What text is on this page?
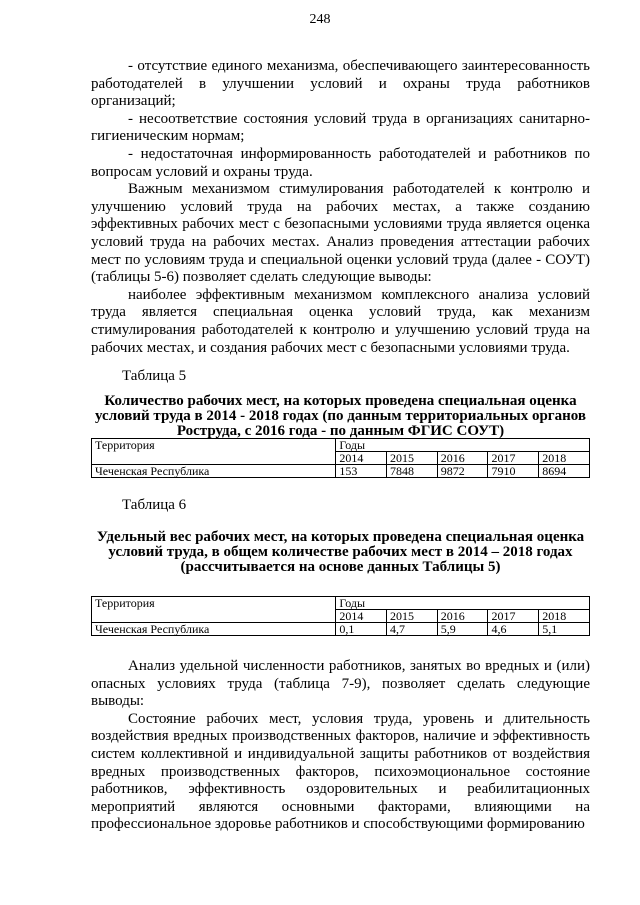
248

- отсутствие единого механизма, обеспечивающего заинтересованность работодателей в улучшении условий и охраны труда работников организаций;

- несоответствие состояния условий труда в организациях санитарно-гигиеническим нормам;

- недостаточная информированность работодателей и работников по вопросам условий и охраны труда.

Важным механизмом стимулирования работодателей к контролю и улучшению условий труда на рабочих местах, а также созданию эффективных рабочих мест с безопасными условиями труда является оценка условий труда на рабочих местах. Анализ проведения аттестации рабочих мест по условиям труда и специальной оценки условий труда (далее - СОУТ) (таблицы 5-6) позволяет сделать следующие выводы:

наиболее эффективным механизмом комплексного анализа условий труда является специальная оценка условий труда, как механизм стимулирования работодателей к контролю и улучшению условий труда на рабочих местах, и создания рабочих мест с безопасными условиями труда.

Таблица 5
Количество рабочих мест, на которых проведена специальная оценка условий труда в 2014 - 2018 годах (по данным территориальных органов Роструда, с 2016 года - по данным ФГИС СОУТ)
Территория	Годы				
	2014	2015	2016	2017	2018
Чеченская Республика	153	7848	9872	7910	8694
Таблица 6
Удельный вес рабочих мест, на которых проведена специальная оценка условий труда, в общем количестве рабочих мест в 2014 – 2018 годах (рассчитывается на основе данных Таблицы 5)
Территория	Годы				
	2014	2015	2016	2017	2018
Чеченская Республика	0,1	4,7	5,9	4,6	5,1

Анализ удельной численности работников, занятых во вредных и (или) опасных условиях труда (таблица 7-9), позволяет сделать следующие выводы:

Состояние рабочих мест, условия труда, уровень и длительность воздействия вредных производственных факторов, наличие и эффективность систем коллективной и индивидуальной защиты работников от воздействия вредных производственных факторов, психоэмоциональное состояние работников, эффективность оздоровительных и реабилитационных мероприятий являются основными факторами, влияющими на профессиональное здоровье работников и способствующими формированию
